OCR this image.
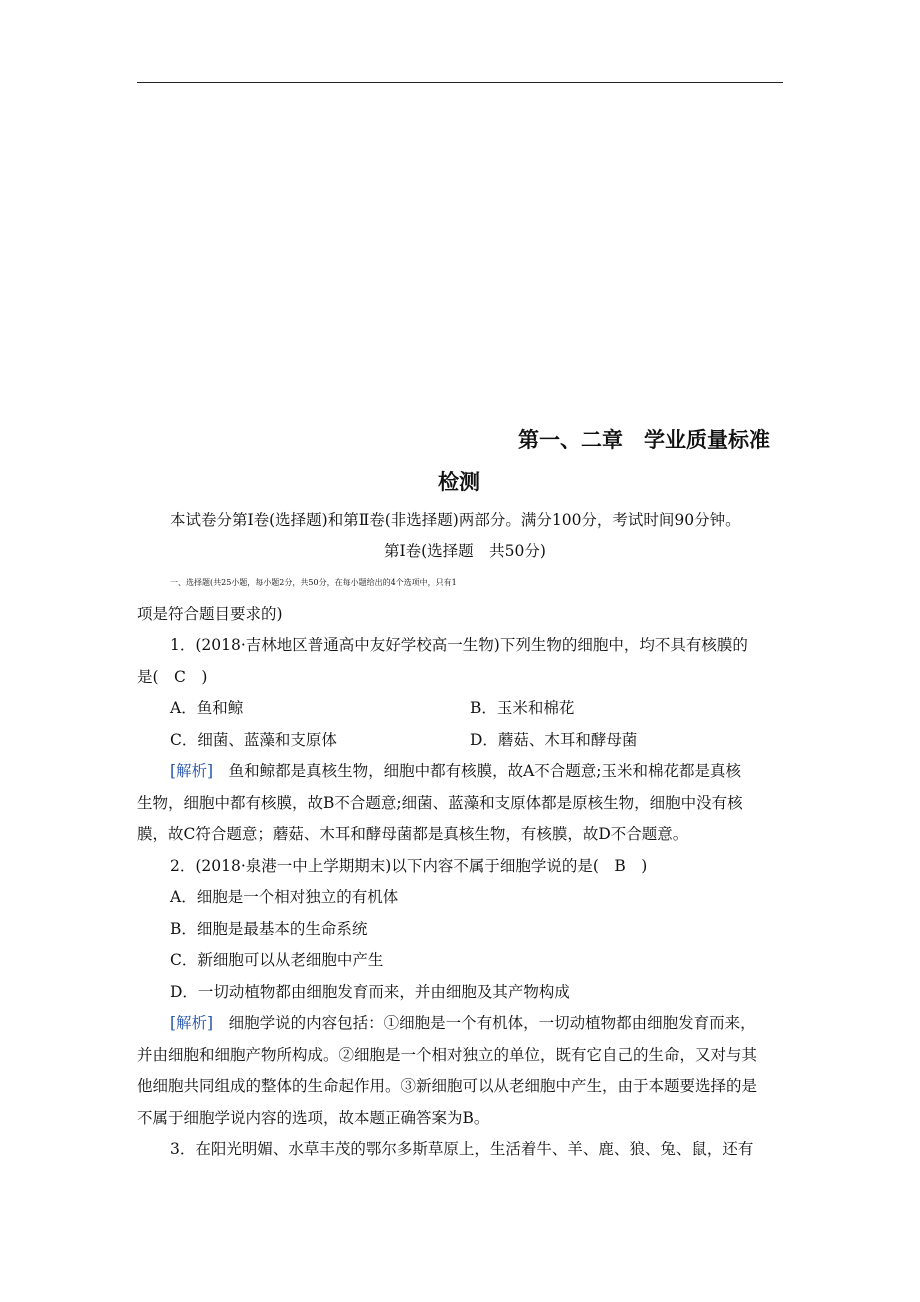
第一、二章　学业质量标准
检测
本试卷分第Ⅰ卷(选择题)和第Ⅱ卷(非选择题)两部分。满分100分，考试时间90分钟。
第Ⅰ卷(选择题　共50分)
一、选择题(共25小题，每小题2分，共50分，在每小题给出的4个选项中，只有1
项是符合题目要求的)
1．(2018·吉林地区普通高中友好学校高一生物)下列生物的细胞中，均不具有核膜的
是(　C　)
A．鱼和鲸	B．玉米和棉花
C．细菌、蓝藻和支原体	D．蘑菇、木耳和酵母菌
[解析]　鱼和鲸都是真核生物，细胞中都有核膜，故A不合题意;玉米和棉花都是真核
生物，细胞中都有核膜，故B不合题意;细菌、蓝藻和支原体都是原核生物，细胞中没有核
膜，故C符合题意；蘑菇、木耳和酵母菌都是真核生物，有核膜，故D不合题意。
2．(2018·泉港一中上学期期末)以下内容不属于细胞学说的是(　B　)
A．细胞是一个相对独立的有机体
B．细胞是最基本的生命系统
C．新细胞可以从老细胞中产生
D．一切动植物都由细胞发育而来，并由细胞及其产物构成
[解析]　细胞学说的内容包括：①细胞是一个有机体，一切动植物都由细胞发育而来，
并由细胞和细胞产物所构成。②细胞是一个相对独立的单位，既有它自己的生命，又对与其
他细胞共同组成的整体的生命起作用。③新细胞可以从老细胞中产生，由于本题要选择的是
不属于细胞学说内容的选项，故本题正确答案为B。
3．在阳光明媚、水草丰茂的鄂尔多斯草原上，生活着牛、羊、鹿、狼、兔、鼠，还有
